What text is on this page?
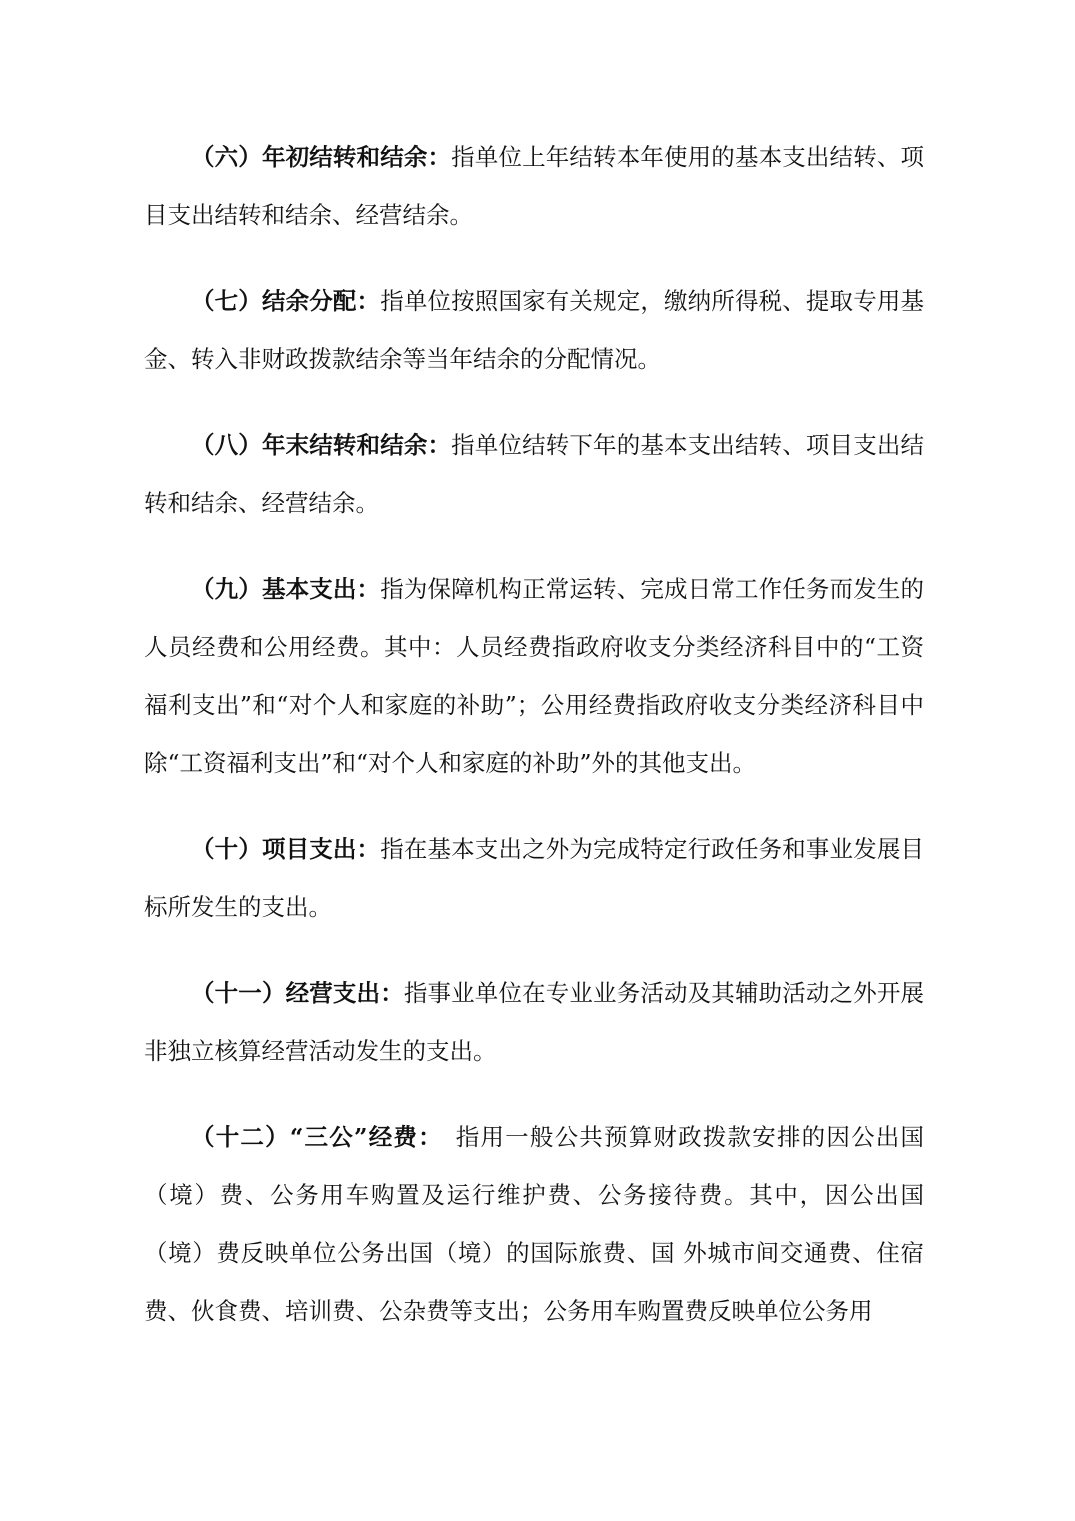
（六）年初结转和结余：指单位上年结转本年使用的基本支出结转、项目支出结转和结余、经营结余。

（七）结余分配：指单位按照国家有关规定，缴纳所得税、提取专用基金、转入非财政拨款结余等当年结余的分配情况。

（八）年末结转和结余：指单位结转下年的基本支出结转、项目支出结转和结余、经营结余。

（九）基本支出：指为保障机构正常运转、完成日常工作任务而发生的人员经费和公用经费。其中：人员经费指政府收支分类经济科目中的“工资福利支出”和“对个人和家庭的补助”；公用经费指政府收支分类经济科目中除“工资福利支出”和“对个人和家庭的补助”外的其他支出。

（十）项目支出：指在基本支出之外为完成特定行政任务和事业发展目标所发生的支出。

（十一）经营支出：指事业单位在专业业务活动及其辅助活动之外开展非独立核算经营活动发生的支出。

（十二）“三公”经费：　指用一般公共预算财政拨款安排的因公出国（境）费、公务用车购置及运行维护费、公务接待费。其中，因公出国（境）费反映单位公务出国（境）的国际旅费、国 外城市间交通费、住宿费、伙食费、培训费、公杂费等支出；公务用车购置费反映单位公务用
